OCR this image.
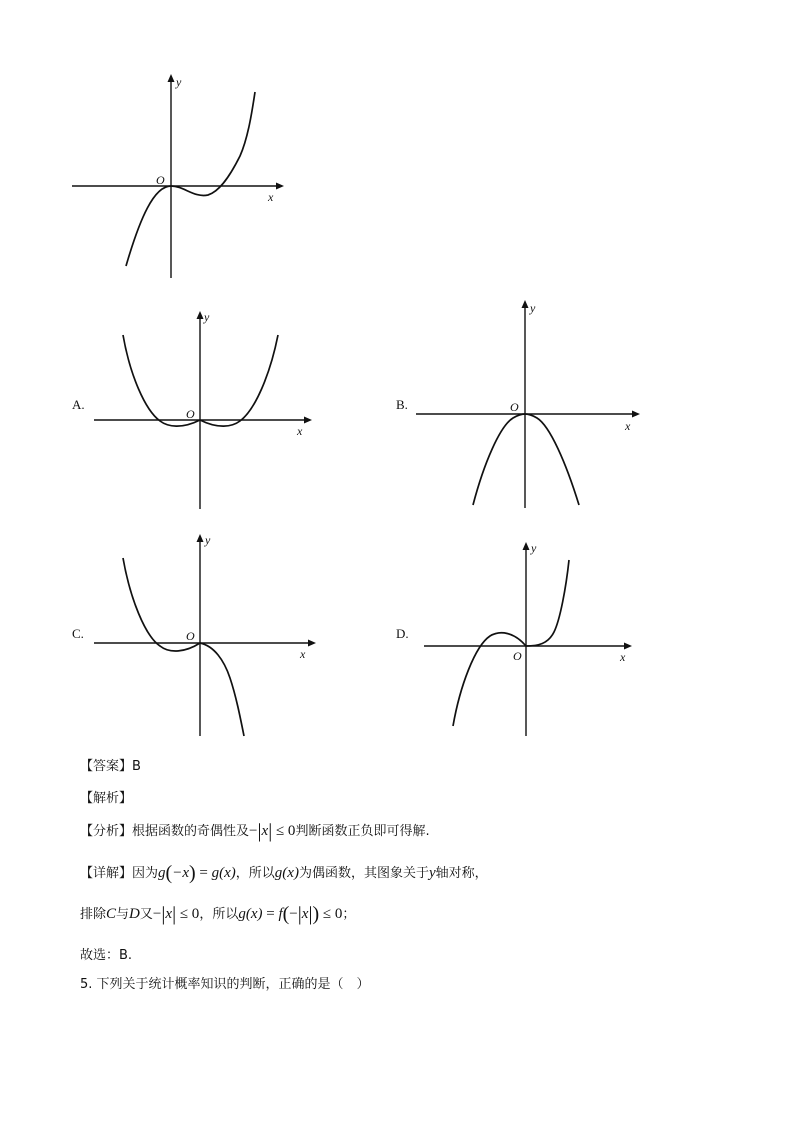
O
x
y
A.
O
x
y
B.	O
x
y
C.	O
x
y
D.
O	x
y
【答案】B
【解析】
【分析】根据函数的奇偶性及−|x| ≤ 0判断函数正负即可得解.
【详解】因为g(−x) = g(x)，所以g(x)为偶函数，其图象关于y轴对称，
排除C与D又−|x| ≤ 0，所以g(x) = f(−|x|) ≤ 0；
故选：B.
5. 下列关于统计概率知识的判断，正确的是（　）
